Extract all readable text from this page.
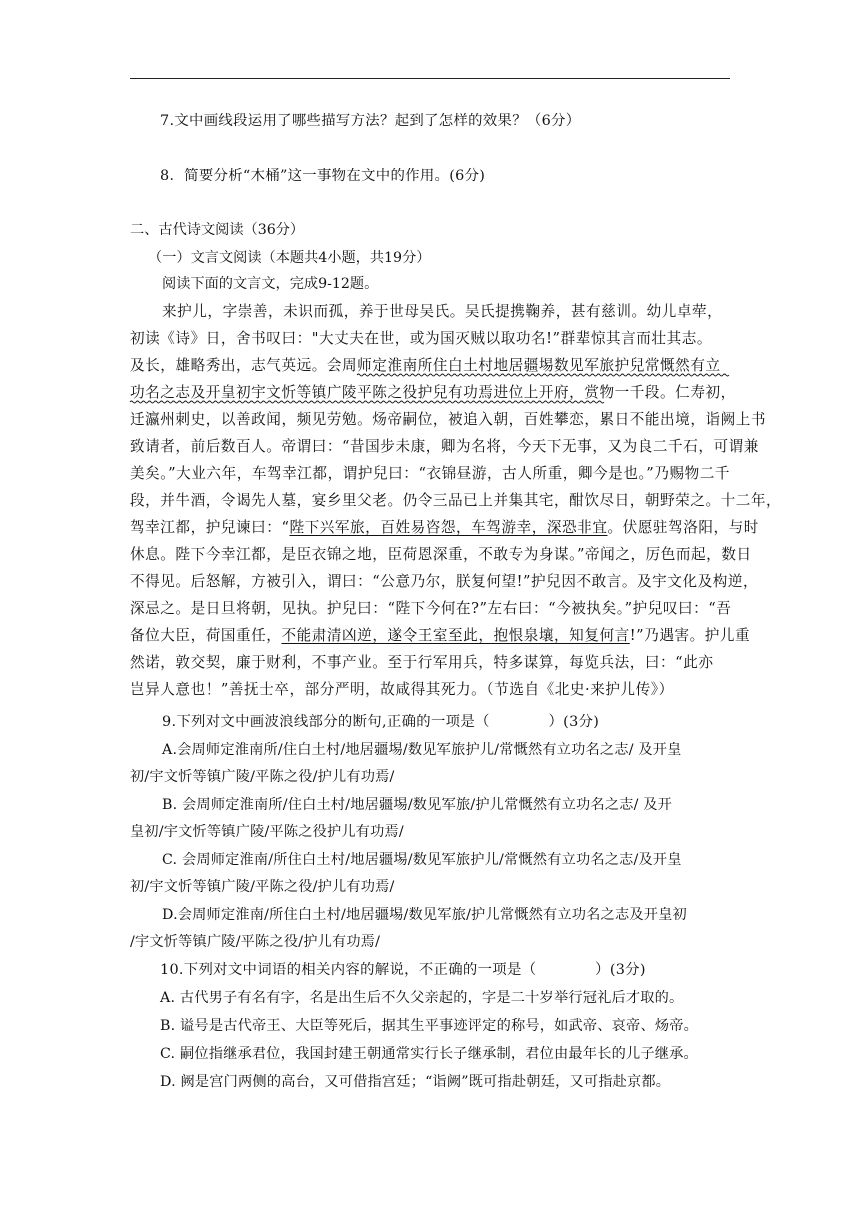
7.文中画线段运用了哪些描写方法？起到了怎样的效果？（6分）
8．简要分析“木桶”这一事物在文中的作用。(6分)
二、古代诗文阅读（36分）
（一）文言文阅读（本题共4小题，共19分）
阅读下面的文言文，完成9-12题。
来护儿，字崇善，未识而孤，养于世母吴氏。吴氏提携鞠养，甚有慈训。幼儿卓荦，
初读《诗》日，舍书叹曰："大丈夫在世，或为国灭贼以取功名!”群辈惊其言而壮其志。
及长，雄略秀出，志气英远。会周师定淮南所住白土村地居疆埸数见军旅护兒常慨然有立
功名之志及开皇初宇文忻等镇广陵平陈之役护兒有功焉进位上开府，赏物一千段。仁寿初，
迁瀛州刺史，以善政闻，频见劳勉。炀帝嗣位，被追入朝，百姓攀恋，累日不能出境，诣阙上书
致请者，前后数百人。帝谓曰：“昔国步未康，卿为名将，今天下无事，又为良二千石，可谓兼
美矣。”大业六年，车驾幸江都，谓护兒曰：“衣锦昼游，古人所重，卿今是也。”乃赐物二千
段，并牛酒，令谒先人墓，宴乡里父老。仍令三品已上并集其宅，酣饮尽日，朝野荣之。十二年，
驾幸江都，护兒谏曰：“陛下兴军旅，百姓易咨怨，车驾游幸，深恐非宜。伏愿驻驾洛阳，与时
休息。陛下今幸江都，是臣衣锦之地，臣荷恩深重，不敢专为身谋。”帝闻之，厉色而起，数日
不得见。后怒解，方被引入，谓曰：“公意乃尔，朕复何望!”护兒因不敢言。及宇文化及构逆，
深忌之。是日旦将朝，见执。护兒曰：“陛下今何在?”左右曰：“今被执矣。”护兒叹曰：“吾
备位大臣，荷国重任，不能肃清凶逆，遂令王室至此，抱恨泉壤，知复何言!”乃遇害。护儿重
然诺，敦交契，廉于财利，不事产业。至于行军用兵，特多谋算，每览兵法，曰：“此亦
岂异人意也！”善抚士卒，部分严明，故咸得其死力。（节选自《北史·来护儿传》）
9.下列对文中画波浪线部分的断句,正确的一项是（　　　　）(3分)
A.会周师定淮南所/住白土村/地居疆埸/数见军旅护儿/常慨然有立功名之志/ 及开皇
初/宇文忻等镇广陵/平陈之役/护儿有功焉/
B. 会周师定淮南所/住白土村/地居疆埸/数见军旅/护儿常慨然有立功名之志/ 及开
皇初/宇文忻等镇广陵/平陈之役护儿有功焉/
C. 会周师定淮南/所住白土村/地居疆埸/数见军旅护儿/常慨然有立功名之志/及开皇
初/宇文忻等镇广陵/平陈之役/护儿有功焉/
D.会周师定淮南/所住白土村/地居疆埸/数见军旅/护儿常慨然有立功名之志及开皇初
/宇文忻等镇广陵/平陈之役/护儿有功焉/
10.下列对文中词语的相关内容的解说，不正确的一项是（　　　　）(3分)
A. 古代男子有名有字，名是出生后不久父亲起的，字是二十岁举行冠礼后才取的。
B. 谥号是古代帝王、大臣等死后，据其生平事迹评定的称号，如武帝、哀帝、炀帝。
C. 嗣位指继承君位，我国封建王朝通常实行长子继承制，君位由最年长的儿子继承。
D. 阙是宫门两侧的高台，又可借指宫廷；“诣阙”既可指赴朝廷，又可指赴京都。
